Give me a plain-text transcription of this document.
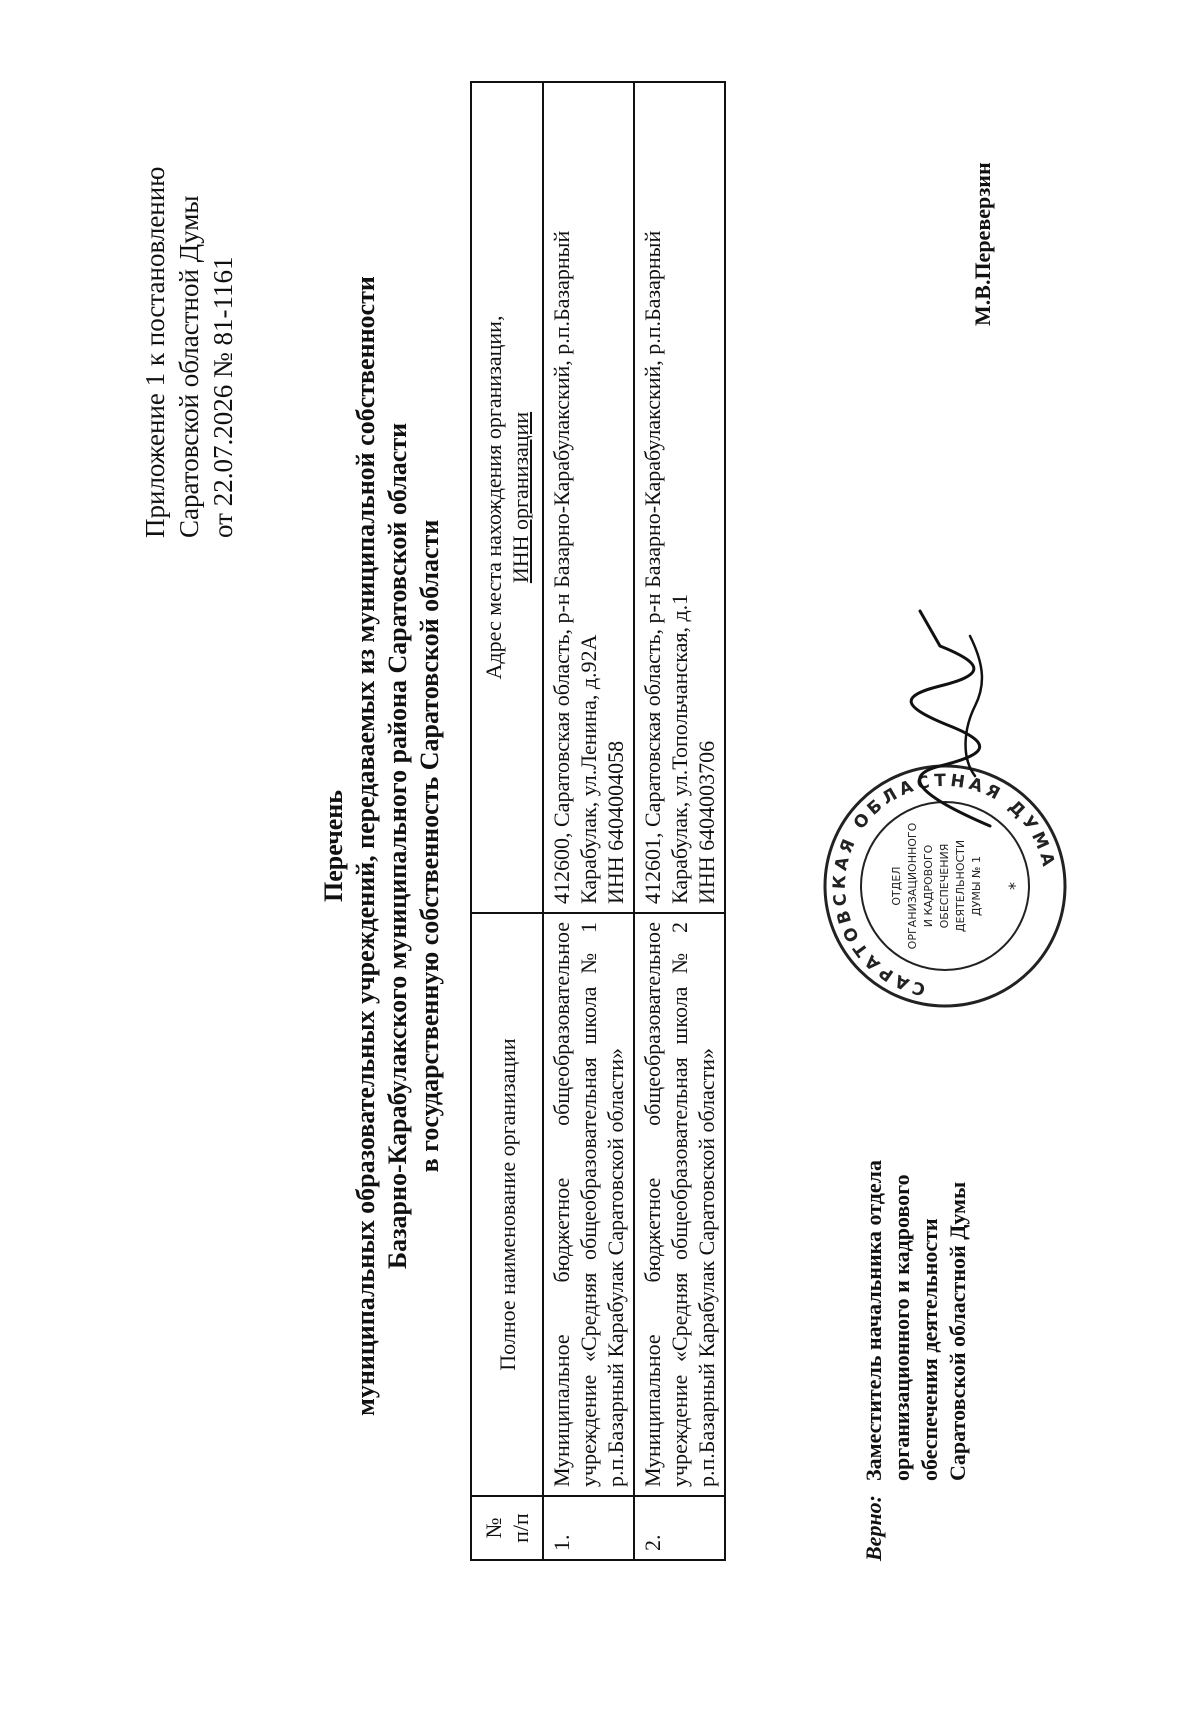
Приложение 1 к постановлению Саратовской областной Думы от 22.07.2026 № 81-1161
Перечень муниципальных образовательных учреждений, передаваемых из муниципальной собственности Базарно-Карабулакского муниципального района Саратовской области в государственную собственность Саратовской области
№ п/п	Полное наименование организации	Адрес места нахождения организации, ИНН организации

1.	Муниципальное бюджетное общеобразовательное учреждение «Средняя общеобразовательная школа № 1 р.п.Базарный Карабулак Саратовской области»	412600, Саратовская область, р-н Базарно-Карабулакский, р.п.Базарный Карабулак, ул.Ленина, д.92А ИНН 6404004058

2.	Муниципальное бюджетное общеобразовательное учреждение «Средняя общеобразовательная школа № 2 р.п.Базарный Карабулак Саратовской области»	412601, Саратовская область, р-н Базарно-Карабулакский, р.п.Базарный Карабулак, ул.Топольчанская, д.1 ИНН 6404003706
Верно:
Заместитель начальника отдела организационного и кадрового обеспечения деятельности Саратовской областной Думы
САРАТОВСКАЯ ОБЛАСТНАЯ ДУМА
ОТДЕЛ ОРГАНИЗАЦИОННОГО И КАДРОВОГО ОБЕСПЕЧЕНИЯ ДЕЯТЕЛЬНОСТИ ДУМЫ № 1 *
М.В.Переверзин
